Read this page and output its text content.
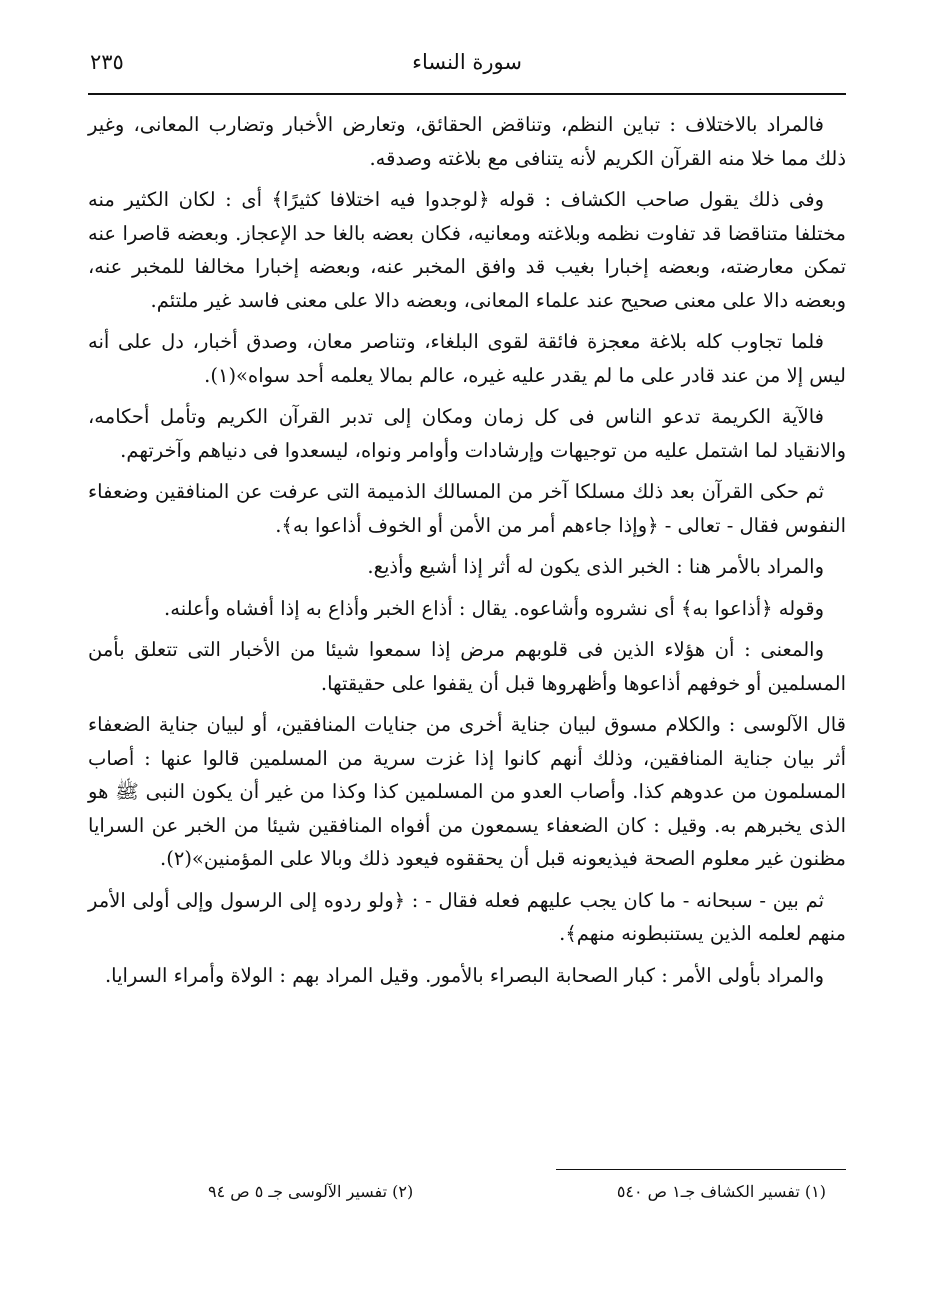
سورة النساء
٢٣٥

فالمراد بالاختلاف : تباين النظم، وتناقض الحقائق، وتعارض الأخبار وتضارب المعانى، وغير ذلك مما خلا منه القرآن الكريم لأنه يتنافى مع بلاغته وصدقه.

وفى ذلك يقول صاحب الكشاف : قوله ﴿لوجدوا فيه اختلافا كثيرًا﴾ أى : لكان الكثير منه مختلفا متناقضا قد تفاوت نظمه وبلاغته ومعانيه، فكان بعضه بالغا حد الإعجاز. وبعضه قاصرا عنه تمكن معارضته، وبعضه إخبارا بغيب قد وافق المخبر عنه، وبعضه إخبارا مخالفا للمخبر عنه، وبعضه دالا على معنى صحيح عند علماء المعانى، وبعضه دالا على معنى فاسد غير ملتئم.

فلما تجاوب كله بلاغة معجزة فائقة لقوى البلغاء، وتناصر معان، وصدق أخبار، دل على أنه ليس إلا من عند قادر على ما لم يقدر عليه غيره، عالم بمالا يعلمه أحد سواه»(١).

فالآية الكريمة تدعو الناس فى كل زمان ومكان إلى تدبر القرآن الكريم وتأمل أحكامه، والانقياد لما اشتمل عليه من توجيهات وإرشادات وأوامر ونواه، ليسعدوا فى دنياهم وآخرتهم.

ثم حكى القرآن بعد ذلك مسلكا آخر من المسالك الذميمة التى عرفت عن المنافقين وضعفاء النفوس فقال - تعالى - ﴿وإذا جاءهم أمر من الأمن أو الخوف أذاعوا به﴾.

والمراد بالأمر هنا : الخبر الذى يكون له أثر إذا أشيع وأذيع.

وقوله ﴿أذاعوا به﴾ أى نشروه وأشاعوه. يقال : أذاع الخبر وأذاع به إذا أفشاه وأعلنه.

والمعنى : أن هؤلاء الذين فى قلوبهم مرض إذا سمعوا شيئا من الأخبار التى تتعلق بأمن المسلمين أو خوفهم أذاعوها وأظهروها قبل أن يقفوا على حقيقتها.

قال الآلوسى : والكلام مسوق لبيان جناية أخرى من جنايات المنافقين، أو لبيان جناية الضعفاء أثر بيان جناية المنافقين، وذلك أنهم كانوا إذا غزت سرية من المسلمين قالوا عنها : أصاب المسلمون من عدوهم كذا. وأصاب العدو من المسلمين كذا وكذا من غير أن يكون النبى ﷺ هو الذى يخبرهم به. وقيل : كان الضعفاء يسمعون من أفواه المنافقين شيئا من الخبر عن السرايا مظنون غير معلوم الصحة فيذيعونه قبل أن يحققوه فيعود ذلك وبالا على المؤمنين»(٢).

ثم بين - سبحانه - ما كان يجب عليهم فعله فقال - : ﴿ولو ردوه إلى الرسول وإلى أولى الأمر منهم لعلمه الذين يستنبطونه منهم﴾.

والمراد بأولى الأمر : كبار الصحابة البصراء بالأمور. وقيل المراد بهم : الولاة وأمراء السرايا.

(١) تفسير الكشاف جـ١ ص ٥٤٠
(٢) تفسير الآلوسى جـ ٥ ص ٩٤
